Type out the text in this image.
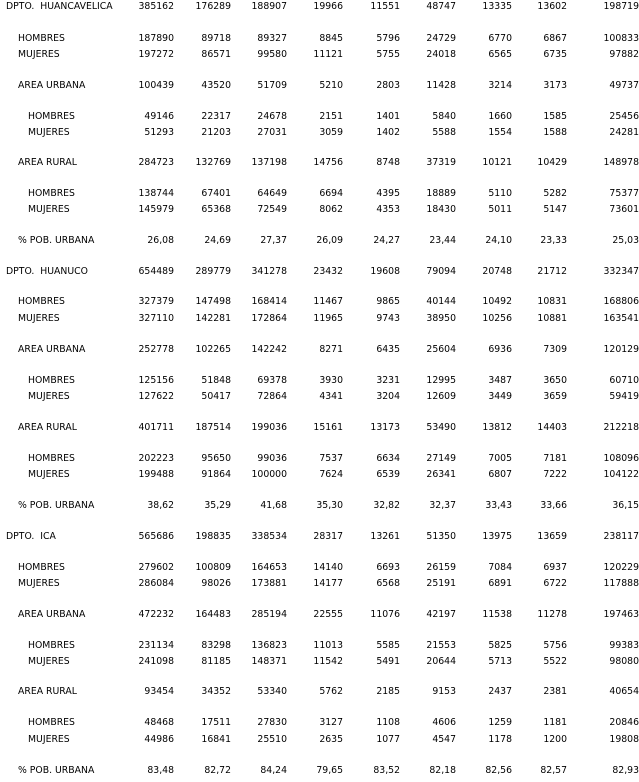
DPTO.  HUANCAVELICA	385162	176289	188907	19966	11551	48747	13335	13602	198719
HOMBRES	187890	89718	89327	8845	5796	24729	6770	6867	100833
MUJERES	197272	86571	99580	11121	5755	24018	6565	6735	97882
AREA URBANA	100439	43520	51709	5210	2803	11428	3214	3173	49737
HOMBRES	49146	22317	24678	2151	1401	5840	1660	1585	25456
MUJERES	51293	21203	27031	3059	1402	5588	1554	1588	24281
AREA RURAL	284723	132769	137198	14756	8748	37319	10121	10429	148978
HOMBRES	138744	67401	64649	6694	4395	18889	5110	5282	75377
MUJERES	145979	65368	72549	8062	4353	18430	5011	5147	73601
% POB. URBANA	26,08	24,69	27,37	26,09	24,27	23,44	24,10	23,33	25,03
DPTO.  HUANUCO	654489	289779	341278	23432	19608	79094	20748	21712	332347
HOMBRES	327379	147498	168414	11467	9865	40144	10492	10831	168806
MUJERES	327110	142281	172864	11965	9743	38950	10256	10881	163541
AREA URBANA	252778	102265	142242	8271	6435	25604	6936	7309	120129
HOMBRES	125156	51848	69378	3930	3231	12995	3487	3650	60710
MUJERES	127622	50417	72864	4341	3204	12609	3449	3659	59419
AREA RURAL	401711	187514	199036	15161	13173	53490	13812	14403	212218
HOMBRES	202223	95650	99036	7537	6634	27149	7005	7181	108096
MUJERES	199488	91864	100000	7624	6539	26341	6807	7222	104122
% POB. URBANA	38,62	35,29	41,68	35,30	32,82	32,37	33,43	33,66	36,15
DPTO.  ICA	565686	198835	338534	28317	13261	51350	13975	13659	238117
HOMBRES	279602	100809	164653	14140	6693	26159	7084	6937	120229
MUJERES	286084	98026	173881	14177	6568	25191	6891	6722	117888
AREA URBANA	472232	164483	285194	22555	11076	42197	11538	11278	197463
HOMBRES	231134	83298	136823	11013	5585	21553	5825	5756	99383
MUJERES	241098	81185	148371	11542	5491	20644	5713	5522	98080
AREA RURAL	93454	34352	53340	5762	2185	9153	2437	2381	40654
HOMBRES	48468	17511	27830	3127	1108	4606	1259	1181	20846
MUJERES	44986	16841	25510	2635	1077	4547	1178	1200	19808
% POB. URBANA	83,48	82,72	84,24	79,65	83,52	82,18	82,56	82,57	82,93
